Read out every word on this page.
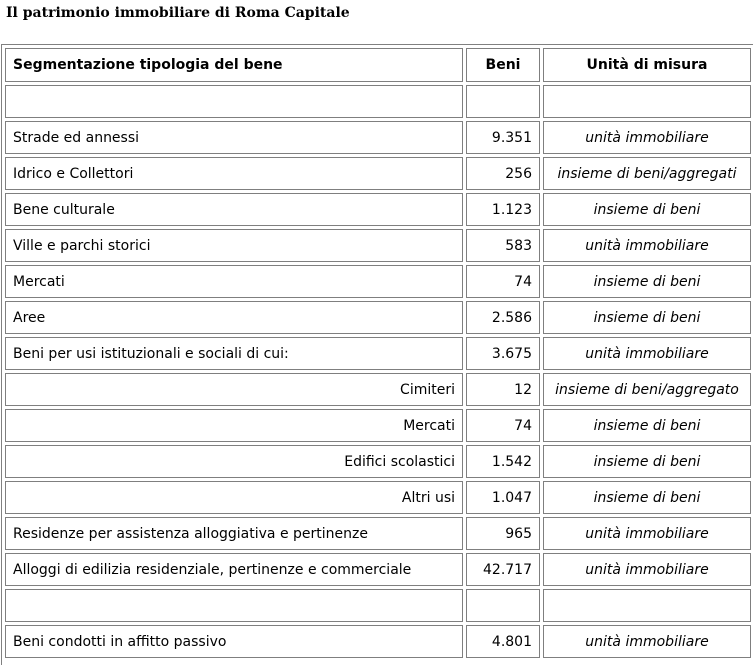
Il patrimonio immobiliare di Roma Capitale
Segmentazione tipologia del bene	Beni	Unità di misura

Strade ed annessi	9.351	unità immobiliare
Idrico e Collettori	256	insieme di beni/aggregati
Bene culturale	1.123	insieme di beni
Ville e parchi storici	583	unità immobiliare
Mercati	74	insieme di beni
Aree	2.586	insieme di beni
Beni per usi istituzionali e sociali di cui:	3.675	unità immobiliare
Cimiteri	12	insieme di beni/aggregato
Mercati	74	insieme di beni
Edifici scolastici	1.542	insieme di beni
Altri usi	1.047	insieme di beni
Residenze per assistenza alloggiativa e pertinenze	965	unità immobiliare
Alloggi di edilizia residenziale, pertinenze e commerciale	42.717	unità immobiliare

Beni condotti in affitto passivo	4.801	unità immobiliare
